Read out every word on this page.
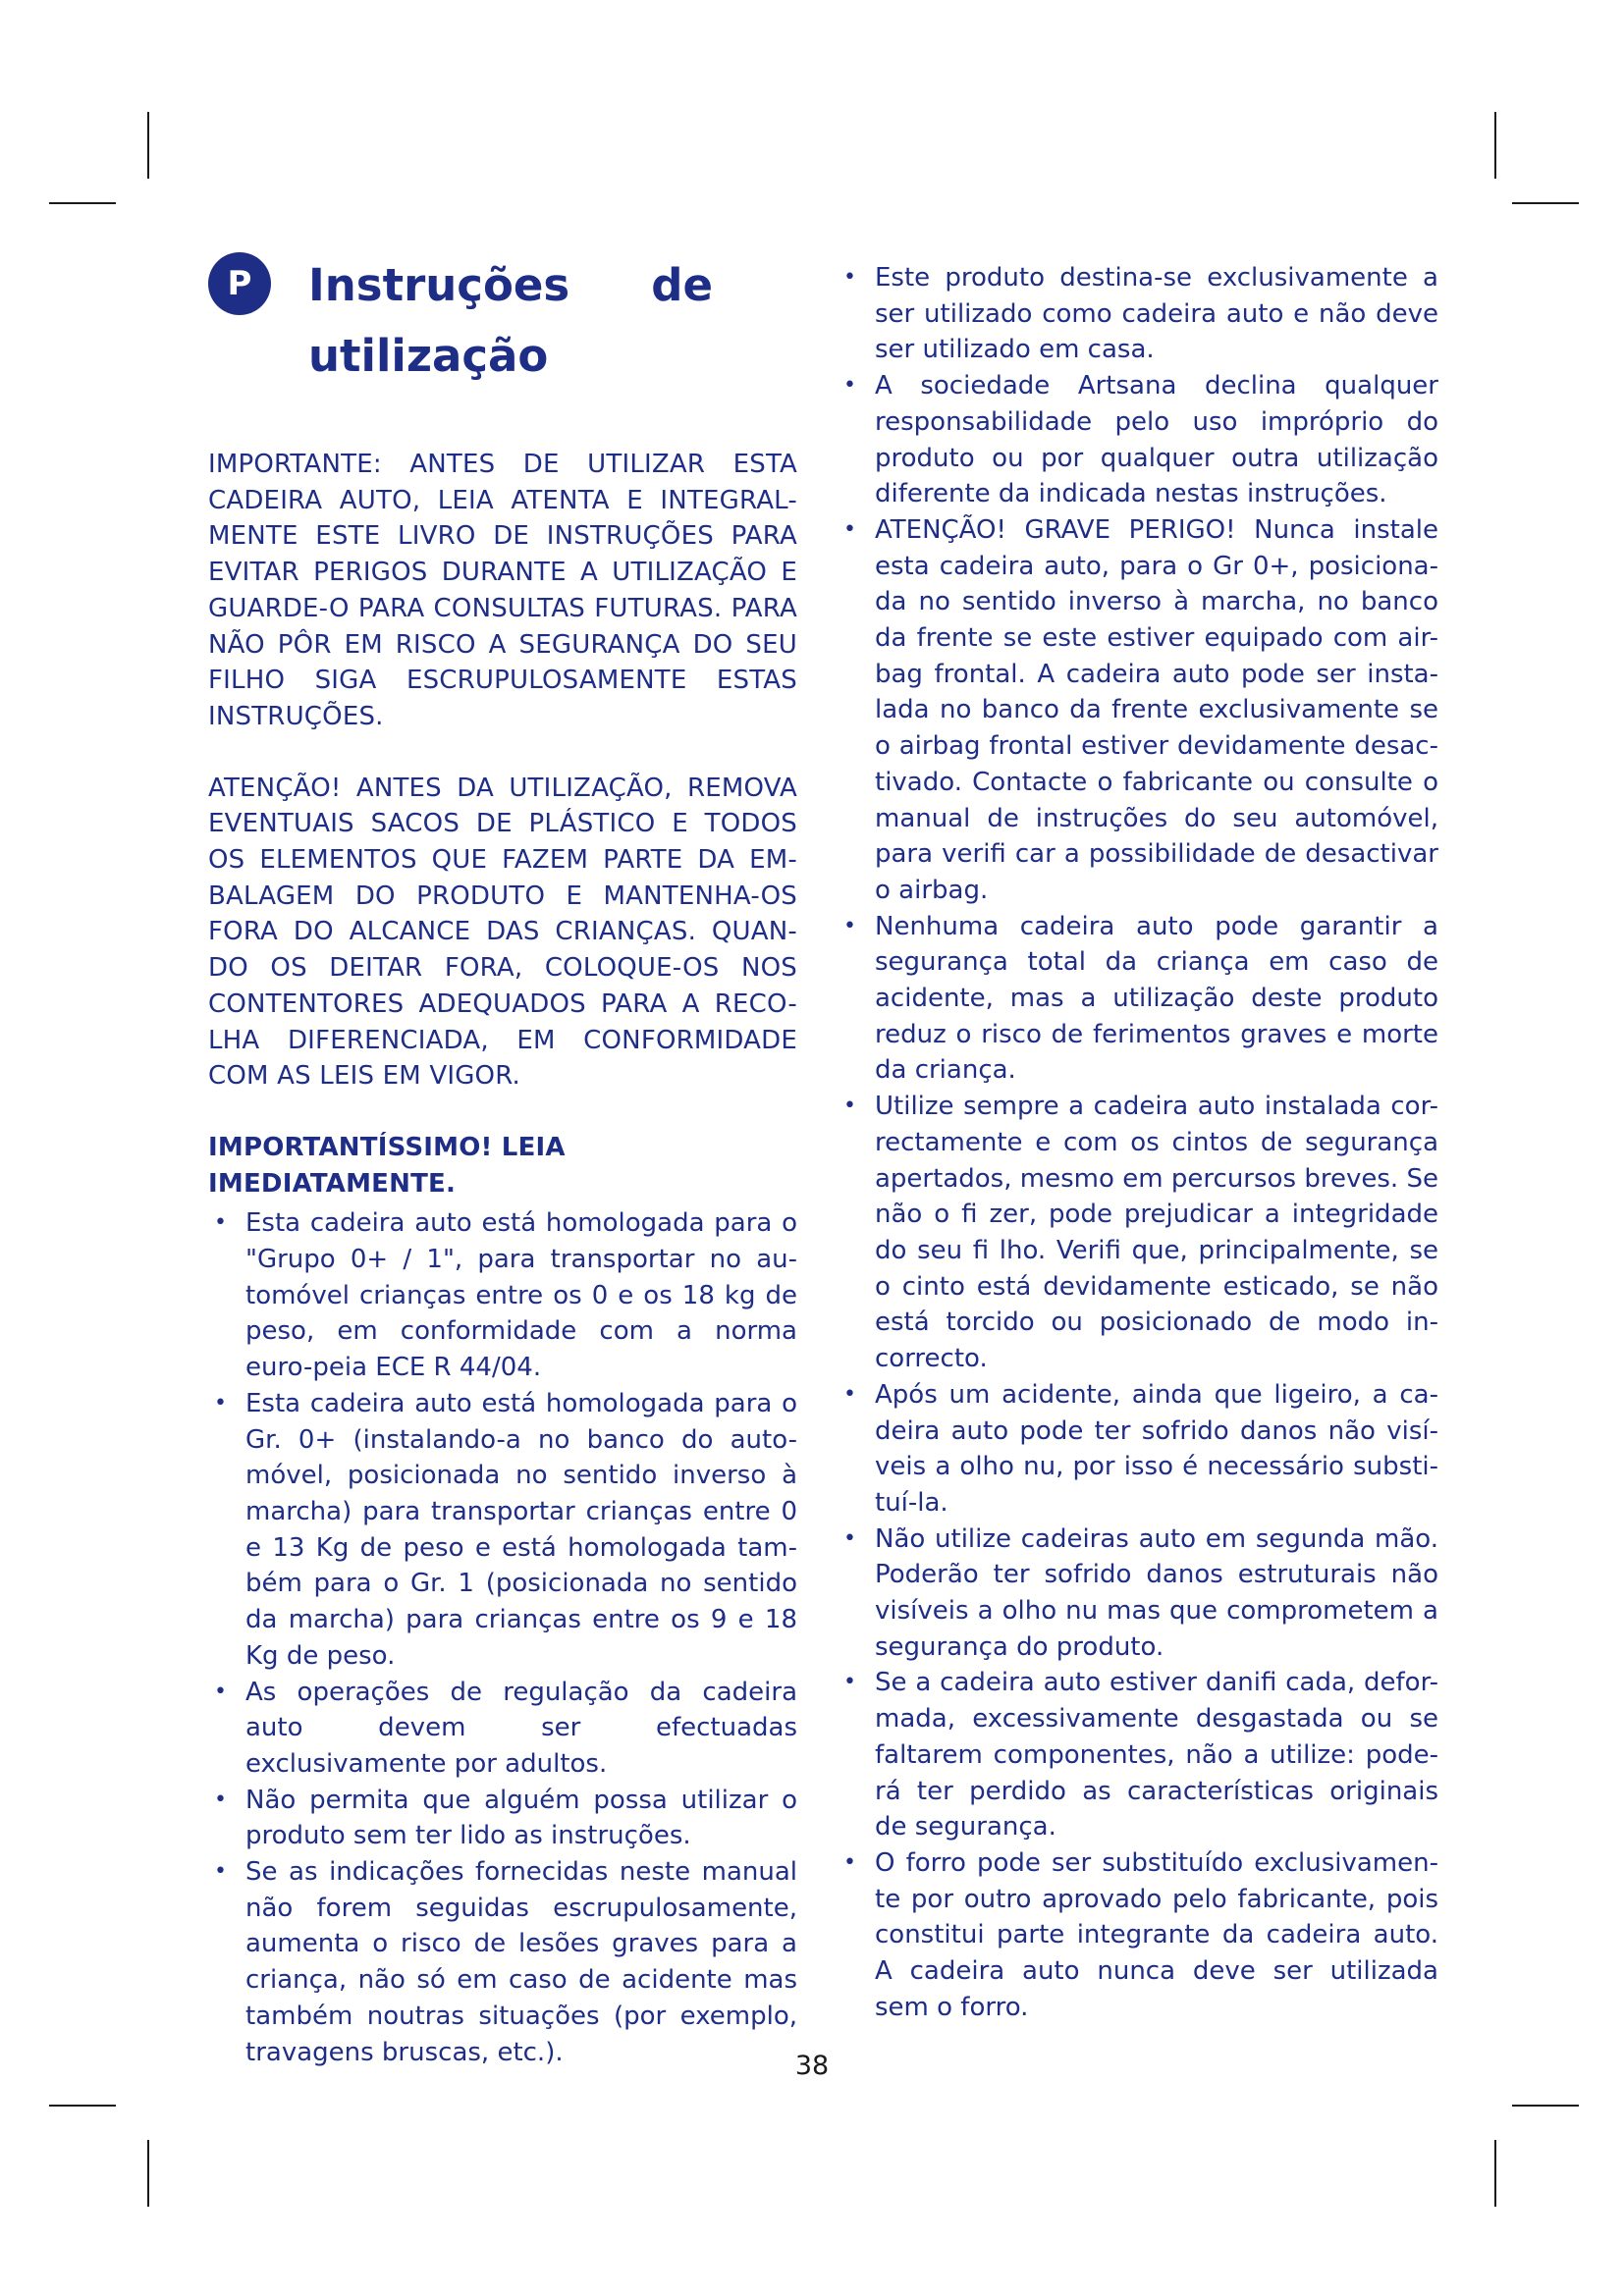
P	Instruções de
utilização

IMPORTANTE: ANTES DE UTILIZAR ESTA CADEIRA AUTO, LEIA ATENTA E INTEGRAL-MENTE ESTE LIVRO DE INSTRUÇÕES PARA EVITAR PERIGOS DURANTE A UTILIZAÇÃO E GUARDE-O PARA CONSULTAS FUTURAS. PARA NÃO PÔR EM RISCO A SEGURANÇA DO SEU FILHO SIGA ESCRUPULOSAMENTE ESTAS INSTRUÇÕES.

ATENÇÃO! ANTES DA UTILIZAÇÃO, REMOVA EVENTUAIS SACOS DE PLÁSTICO E TODOS OS ELEMENTOS QUE FAZEM PARTE DA EM-BALAGEM DO PRODUTO E MANTENHA-OS FORA DO ALCANCE DAS CRIANÇAS. QUAN-DO OS DEITAR FORA, COLOQUE-OS NOS CONTENTORES ADEQUADOS PARA A RECO-LHA DIFERENCIADA, EM CONFORMIDADE COM AS LEIS EM VIGOR.

IMPORTANTÍSSIMO! LEIA IMEDIATAMENTE.
• Esta cadeira auto está homologada para o "Grupo 0+ / 1", para transportar no au-tomóvel crianças entre os 0 e os 18 kg de peso, em conformidade com a norma euro-peia ECE R 44/04.
• Esta cadeira auto está homologada para o Gr. 0+ (instalando-a no banco do auto-móvel, posicionada no sentido inverso à marcha) para transportar crianças entre 0 e 13 Kg de peso e está homologada tam-bém para o Gr. 1 (posicionada no sentido da marcha) para crianças entre os 9 e 18 Kg de peso.
• As operações de regulação da cadeira auto devem ser efectuadas exclusivamente por adultos.
• Não permita que alguém possa utilizar o produto sem ter lido as instruções.
• Se as indicações fornecidas neste manual não forem seguidas escrupulosamente, aumenta o risco de lesões graves para a criança, não só em caso de acidente mas também noutras situações (por exemplo, travagens bruscas, etc.).
• Este produto destina-se exclusivamente a ser utilizado como cadeira auto e não deve ser utilizado em casa.
• A sociedade Artsana declina qualquer responsabilidade pelo uso impróprio do produto ou por qualquer outra utilização diferente da indicada nestas instruções.
• ATENÇÃO! GRAVE PERIGO! Nunca instale esta cadeira auto, para o Gr 0+, posiciona-da no sentido inverso à marcha, no banco da frente se este estiver equipado com air-bag frontal. A cadeira auto pode ser insta-lada no banco da frente exclusivamente se o airbag frontal estiver devidamente desac-tivado. Contacte o fabricante ou consulte o manual de instruções do seu automóvel, para verifi car a possibilidade de desactivar o airbag.
• Nenhuma cadeira auto pode garantir a segurança total da criança em caso de acidente, mas a utilização deste produto reduz o risco de ferimentos graves e morte da criança.
• Utilize sempre a cadeira auto instalada cor-rectamente e com os cintos de segurança apertados, mesmo em percursos breves. Se não o fi zer, pode prejudicar a integridade do seu fi lho. Verifi que, principalmente, se o cinto está devidamente esticado, se não está torcido ou posicionado de modo in-correcto.
• Após um acidente, ainda que ligeiro, a ca-deira auto pode ter sofrido danos não visí-veis a olho nu, por isso é necessário substi-tuí-la.
• Não utilize cadeiras auto em segunda mão. Poderão ter sofrido danos estruturais não visíveis a olho nu mas que comprometem a segurança do produto.
• Se a cadeira auto estiver danifi cada, defor-mada, excessivamente desgastada ou se faltarem componentes, não a utilize: pode-rá ter perdido as características originais de segurança.
• O forro pode ser substituído exclusivamen-te por outro aprovado pelo fabricante, pois constitui parte integrante da cadeira auto. A cadeira auto nunca deve ser utilizada sem o forro.
38
